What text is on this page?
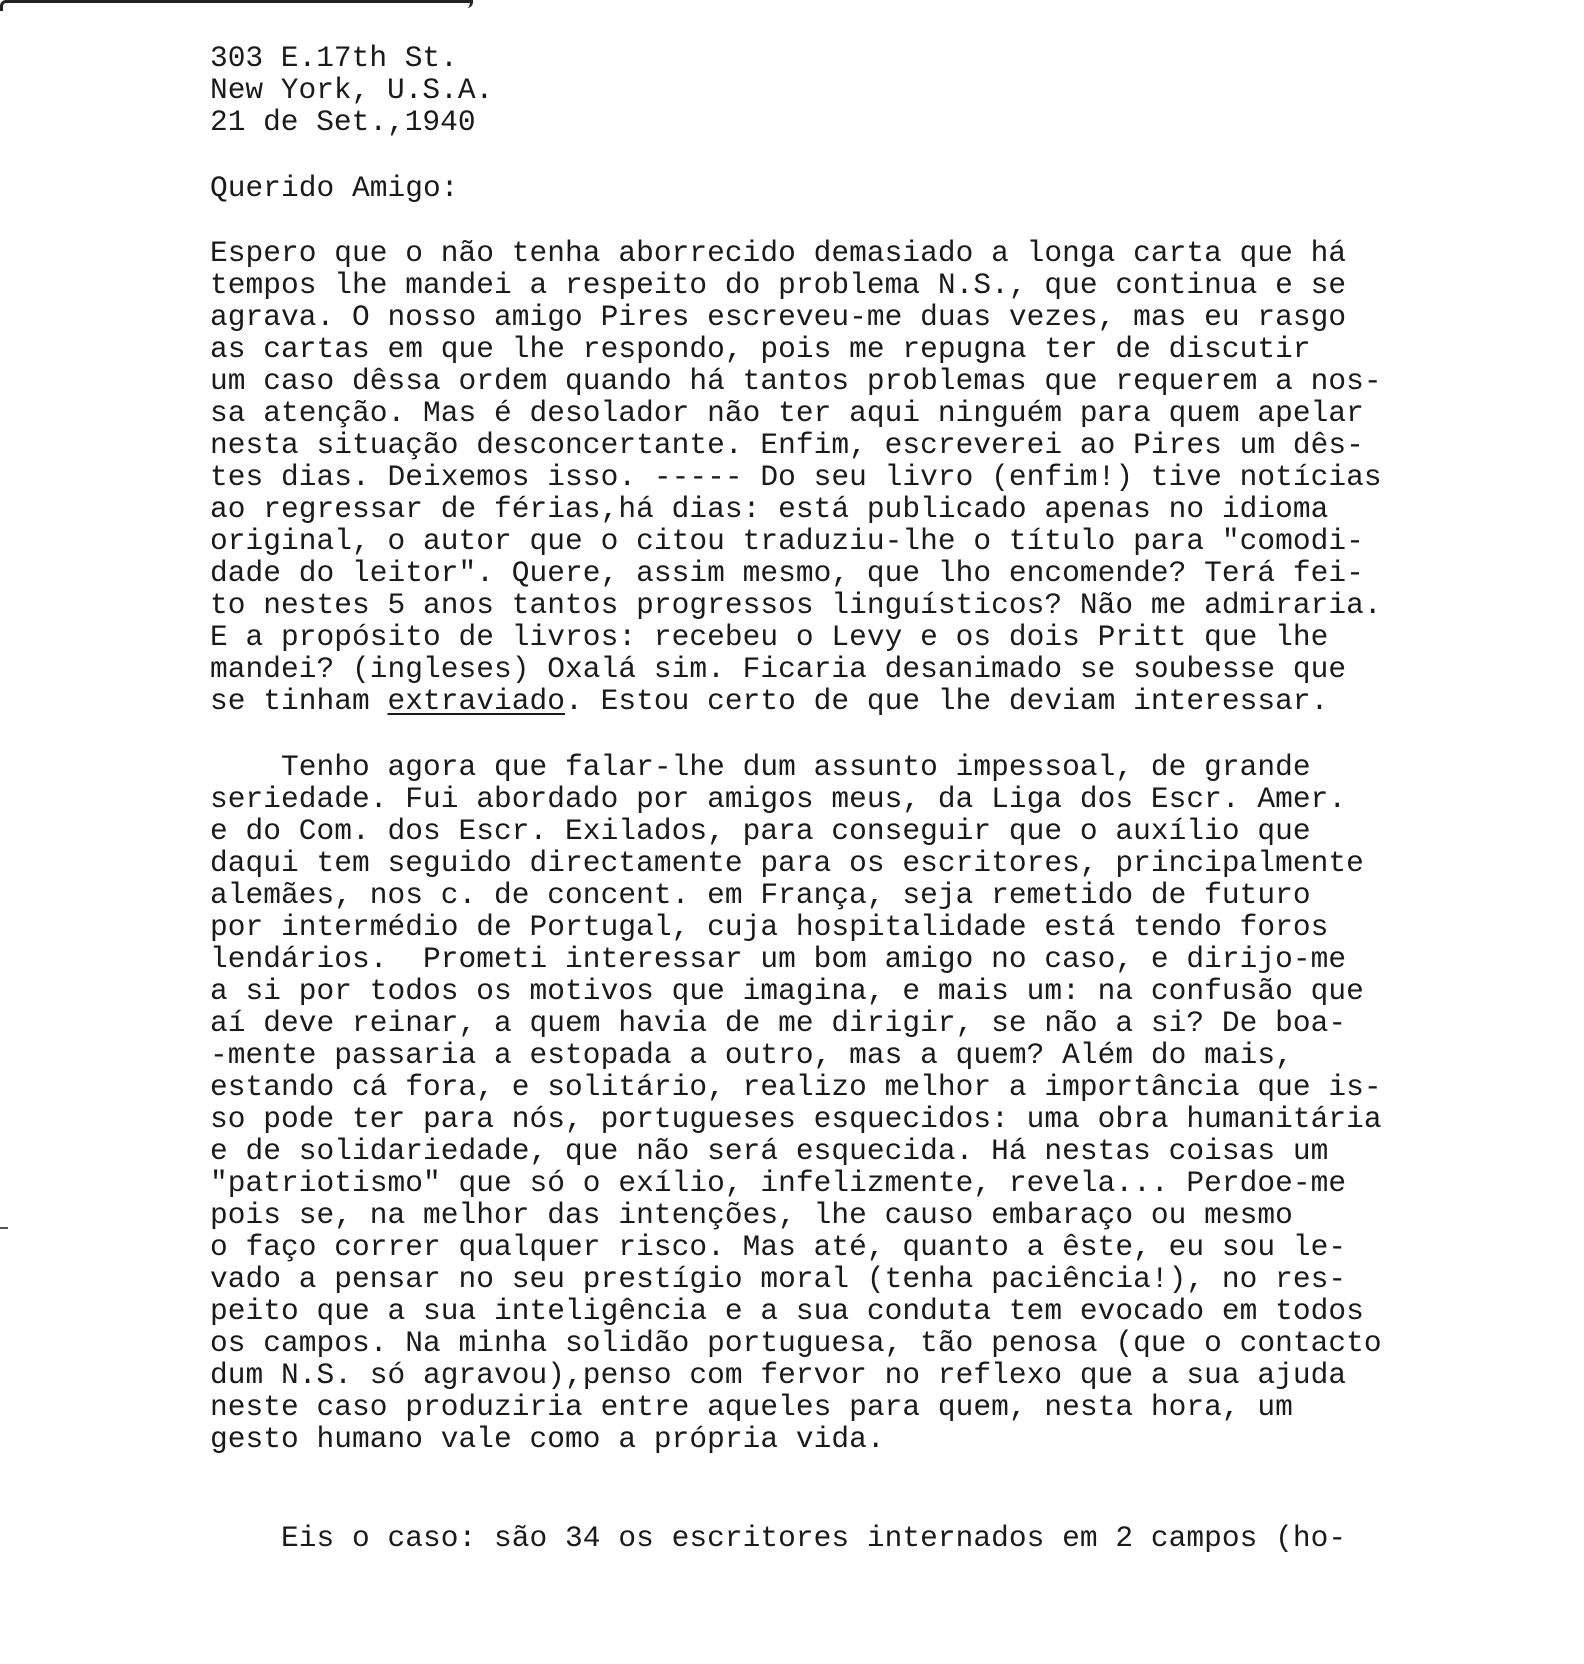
303 E.17th St.

New York, U.S.A.

21 de Set.,1940

Querido Amigo:

Espero que o não tenha aborrecido demasiado a longa carta que há

tempos lhe mandei a respeito do problema N.S., que continua e se

agrava. O nosso amigo Pires escreveu-me duas vezes, mas eu rasgo

as cartas em que lhe respondo, pois me repugna ter de discutir

um caso dêssa ordem quando há tantos problemas que requerem a nos-

sa atenção. Mas é desolador não ter aqui ninguém para quem apelar

nesta situação desconcertante. Enfim, escreverei ao Pires um dês-

tes dias. Deixemos isso. ----- Do seu livro (enfim!) tive notícias

ao regressar de férias,há dias: está publicado apenas no idioma

original, o autor que o citou traduziu-lhe o título para "comodi-

dade do leitor". Quere, assim mesmo, que lho encomende? Terá fei-

to nestes 5 anos tantos progressos linguísticos? Não me admiraria.

E a propósito de livros: recebeu o Levy e os dois Pritt que lhe

mandei? (ingleses) Oxalá sim. Ficaria desanimado se soubesse que

se tinham extraviado. Estou certo de que lhe deviam interessar.

Tenho agora que falar-lhe dum assunto impessoal, de grande

seriedade. Fui abordado por amigos meus, da Liga dos Escr. Amer.

e do Com. dos Escr. Exilados, para conseguir que o auxílio que

daqui tem seguido directamente para os escritores, principalmente

alemães, nos c. de concent. em França, seja remetido de futuro

por intermédio de Portugal, cuja hospitalidade está tendo foros

lendários.  Prometi interessar um bom amigo no caso, e dirijo-me

a si por todos os motivos que imagina, e mais um: na confusão que

aí deve reinar, a quem havia de me dirigir, se não a si? De boa-

-mente passaria a estopada a outro, mas a quem? Além do mais,

estando cá fora, e solitário, realizo melhor a importância que is-

so pode ter para nós, portugueses esquecidos: uma obra humanitária

e de solidariedade, que não será esquecida. Há nestas coisas um

"patriotismo" que só o exílio, infelizmente, revela... Perdoe-me

pois se, na melhor das intenções, lhe causo embaraço ou mesmo

o faço correr qualquer risco. Mas até, quanto a êste, eu sou le-

vado a pensar no seu prestígio moral (tenha paciência!), no res-

peito que a sua inteligência e a sua conduta tem evocado em todos

os campos. Na minha solidão portuguesa, tão penosa (que o contacto

dum N.S. só agravou),penso com fervor no reflexo que a sua ajuda

neste caso produziria entre aqueles para quem, nesta hora, um

gesto humano vale como a própria vida.

Eis o caso: são 34 os escritores internados em 2 campos (ho-
